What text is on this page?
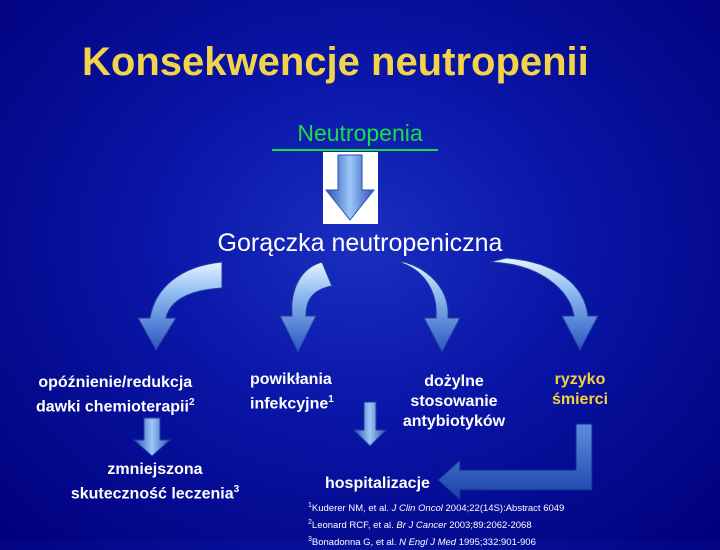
Konsekwencje neutropenii
Neutropenia
Gorączka neutropeniczna
opóźnienie/redukcja
dawki chemioterapii$^2$
powikłania
infekcyjne$^1$
dożylne
stosowanie
antybiotyków
ryzyko
śmierci
zmniejszona
skuteczność leczenia$^3$	hospitalizacje
$^1$Kuderer NM, et al. J Clin Oncol 2004;22(14S):Abstract 6049
$^2$Leonard RCF, et al. Br J Cancer 2003;89:2062-2068
$^3$Bonadonna G, et al. N Engl J Med 1995;332:901-906
